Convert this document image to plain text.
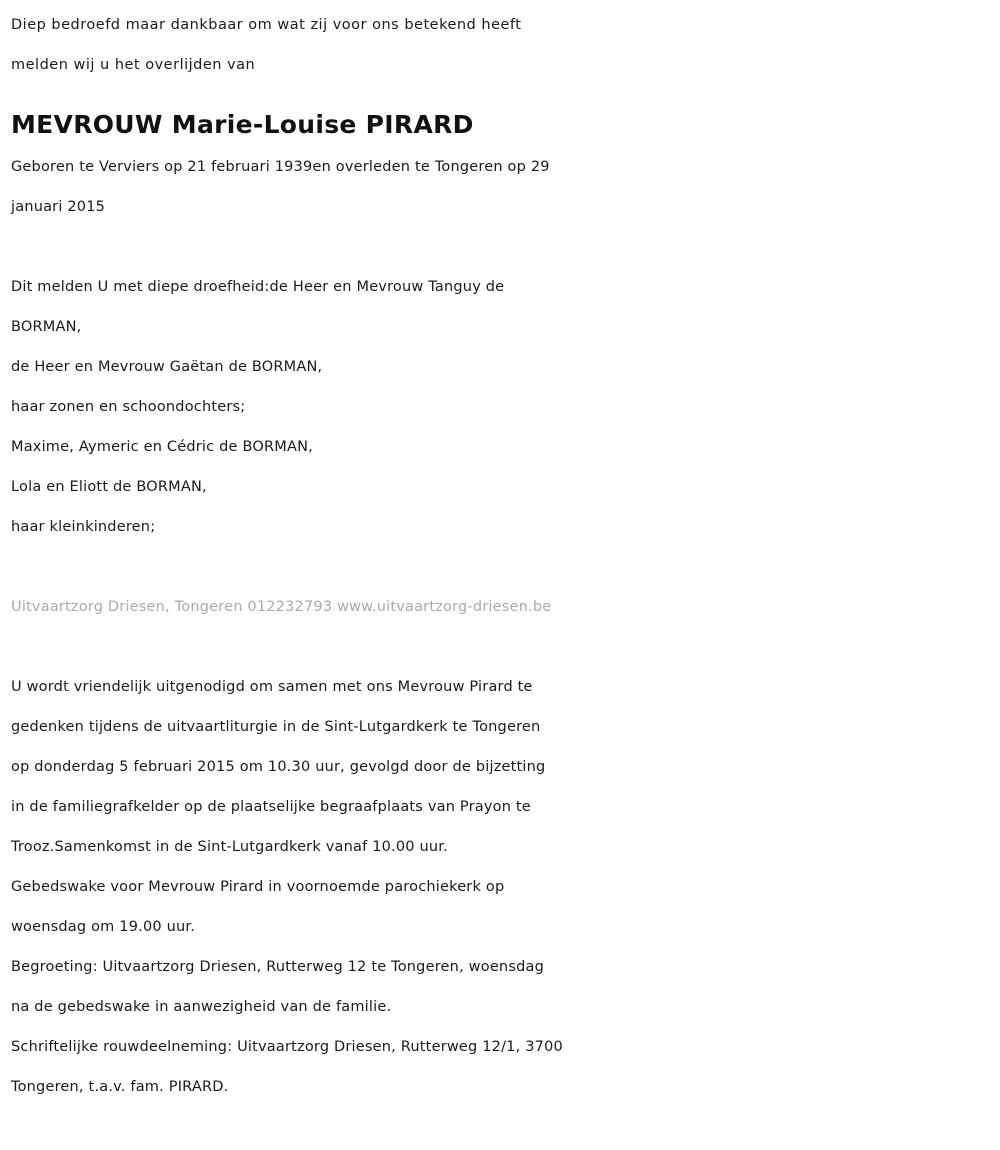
Diep bedroefd maar dankbaar om wat zij voor ons betekend heeft
melden wij u het overlijden van
MEVROUW Marie-Louise PIRARD
Geboren te Verviers op 21 februari 1939en overleden te Tongeren op 29
januari 2015
Dit melden U met diepe droefheid:de Heer en Mevrouw Tanguy de
BORMAN,
de Heer en Mevrouw Gaëtan de BORMAN,
haar zonen en schoondochters;
Maxime, Aymeric en Cédric de BORMAN,
Lola en Eliott de BORMAN,
haar kleinkinderen;
Uitvaartzorg Driesen, Tongeren 012232793 www.uitvaartzorg-driesen.be
U wordt vriendelijk uitgenodigd om samen met ons Mevrouw Pirard te
gedenken tijdens de uitvaartliturgie in de Sint-Lutgardkerk te Tongeren
op donderdag 5 februari 2015 om 10.30 uur, gevolgd door de bijzetting
in de familiegrafkelder op de plaatselijke begraafplaats van Prayon te
Trooz.Samenkomst in de Sint-Lutgardkerk vanaf 10.00 uur.
Gebedswake voor Mevrouw Pirard in voornoemde parochiekerk op
woensdag om 19.00 uur.
Begroeting: Uitvaartzorg Driesen, Rutterweg 12 te Tongeren, woensdag
na de gebedswake in aanwezigheid van de familie.
Schriftelijke rouwdeelneming: Uitvaartzorg Driesen, Rutterweg 12/1, 3700
Tongeren, t.a.v. fam. PIRARD.
